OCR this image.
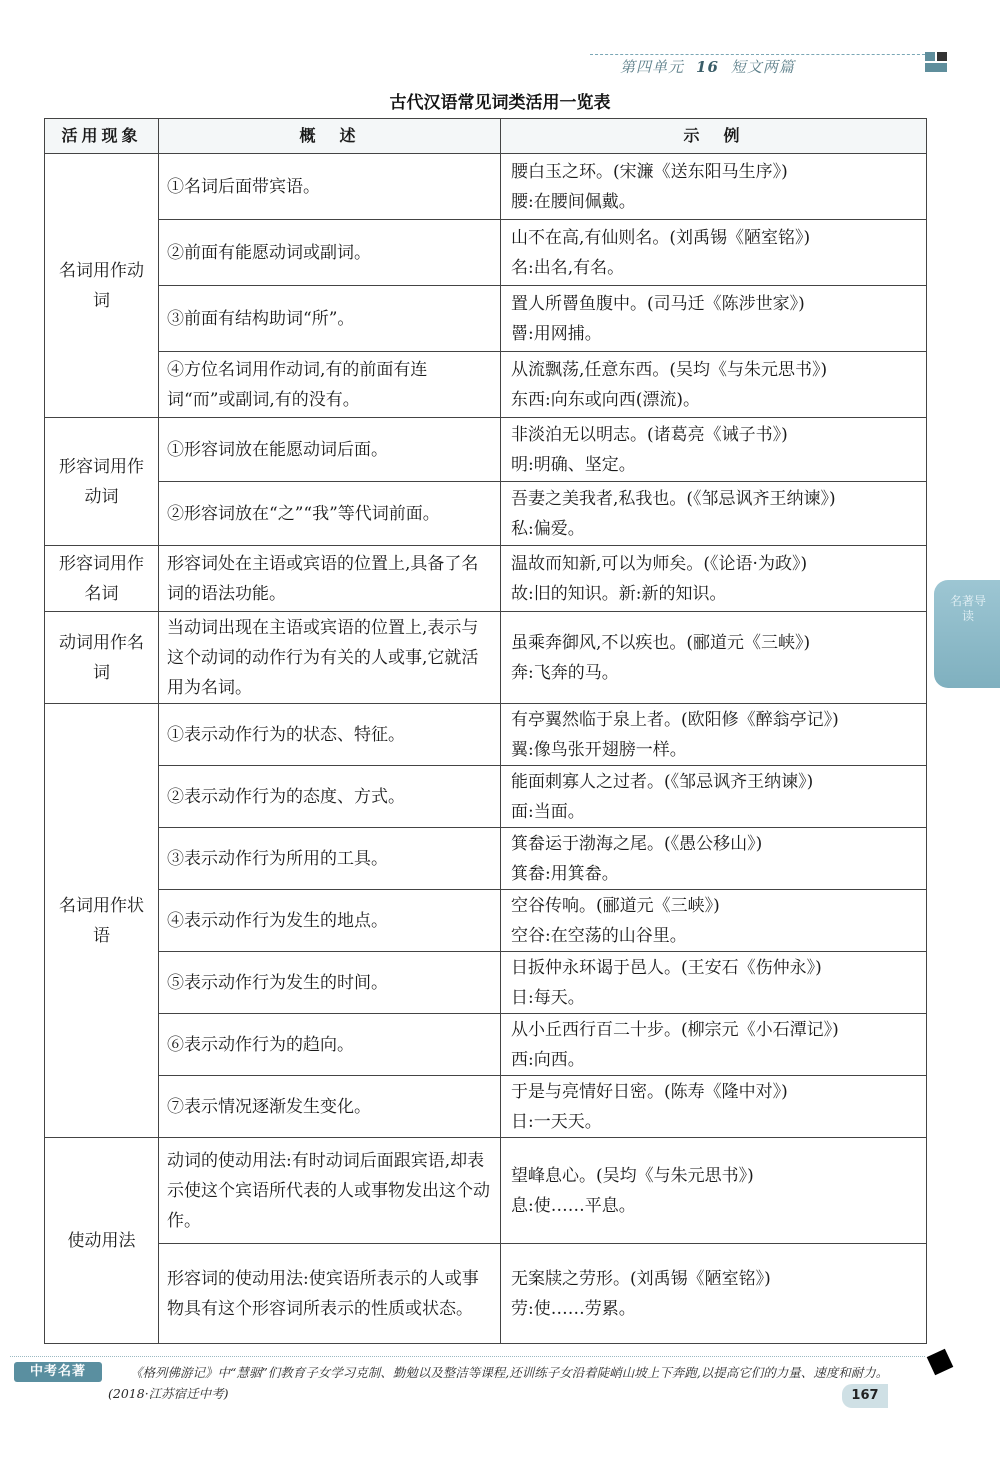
第四单元 16 短文两篇
古代汉语常见词类活用一览表
活用现象	概　述	示　例
名词用作动词	①名词后面带宾语。	腰白玉之环。(宋濂《送东阳马生序》)
腰:在腰间佩戴。

	②前面有能愿动词或副词。	山不在高,有仙则名。(刘禹锡《陋室铭》)
名:出名,有名。

	③前面有结构助词“所”。	置人所罾鱼腹中。(司马迁《陈涉世家》)
罾:用网捕。

	④方位名词用作动词,有的前面有连词“而”或副词,有的没有。	从流飘荡,任意东西。(吴均《与朱元思书》)
东西:向东或向西(漂流)。

形容词用作动词	①形容词放在能愿动词后面。	非淡泊无以明志。(诸葛亮《诫子书》)
明:明确、坚定。

	②形容词放在“之”“我”等代词前面。	吾妻之美我者,私我也。(《邹忌讽齐王纳谏》)
私:偏爱。

形容词用作名词	形容词处在主语或宾语的位置上,具备了名词的语法功能。	温故而知新,可以为师矣。(《论语·为政》)
故:旧的知识。新:新的知识。

动词用作名词	当动词出现在主语或宾语的位置上,表示与这个动词的动作行为有关的人或事,它就活用为名词。	虽乘奔御风,不以疾也。(郦道元《三峡》)
奔:飞奔的马。

名词用作状语	①表示动作行为的状态、特征。	有亭翼然临于泉上者。(欧阳修《醉翁亭记》)
翼:像鸟张开翅膀一样。

	②表示动作行为的态度、方式。	能面刺寡人之过者。(《邹忌讽齐王纳谏》)
面:当面。

	③表示动作行为所用的工具。	箕畚运于渤海之尾。(《愚公移山》)
箕畚:用箕畚。

	④表示动作行为发生的地点。	空谷传响。(郦道元《三峡》)
空谷:在空荡的山谷里。

	⑤表示动作行为发生的时间。	日扳仲永环谒于邑人。(王安石《伤仲永》)
日:每天。

	⑥表示动作行为的趋向。	从小丘西行百二十步。(柳宗元《小石潭记》)
西:向西。

	⑦表示情况逐渐发生变化。	于是与亮情好日密。(陈寿《隆中对》)
日:一天天。

使动用法	动词的使动用法:有时动词后面跟宾语,却表示使这个宾语所代表的人或事物发出这个动作。	望峰息心。(吴均《与朱元思书》)
息:使……平息。

	形容词的使动用法:使宾语所表示的人或事物具有这个形容词所表示的性质或状态。	无案牍之劳形。(刘禹锡《陋室铭》)
劳:使……劳累。
名著导读
中考名著	《格列佛游记》中“慧骃”们教育子女学习克制、勤勉以及整洁等课程,还训练子女沿着陡峭山坡上下奔跑,以提高它们的力量、速度和耐力。(2018·江苏宿迁中考)	167
